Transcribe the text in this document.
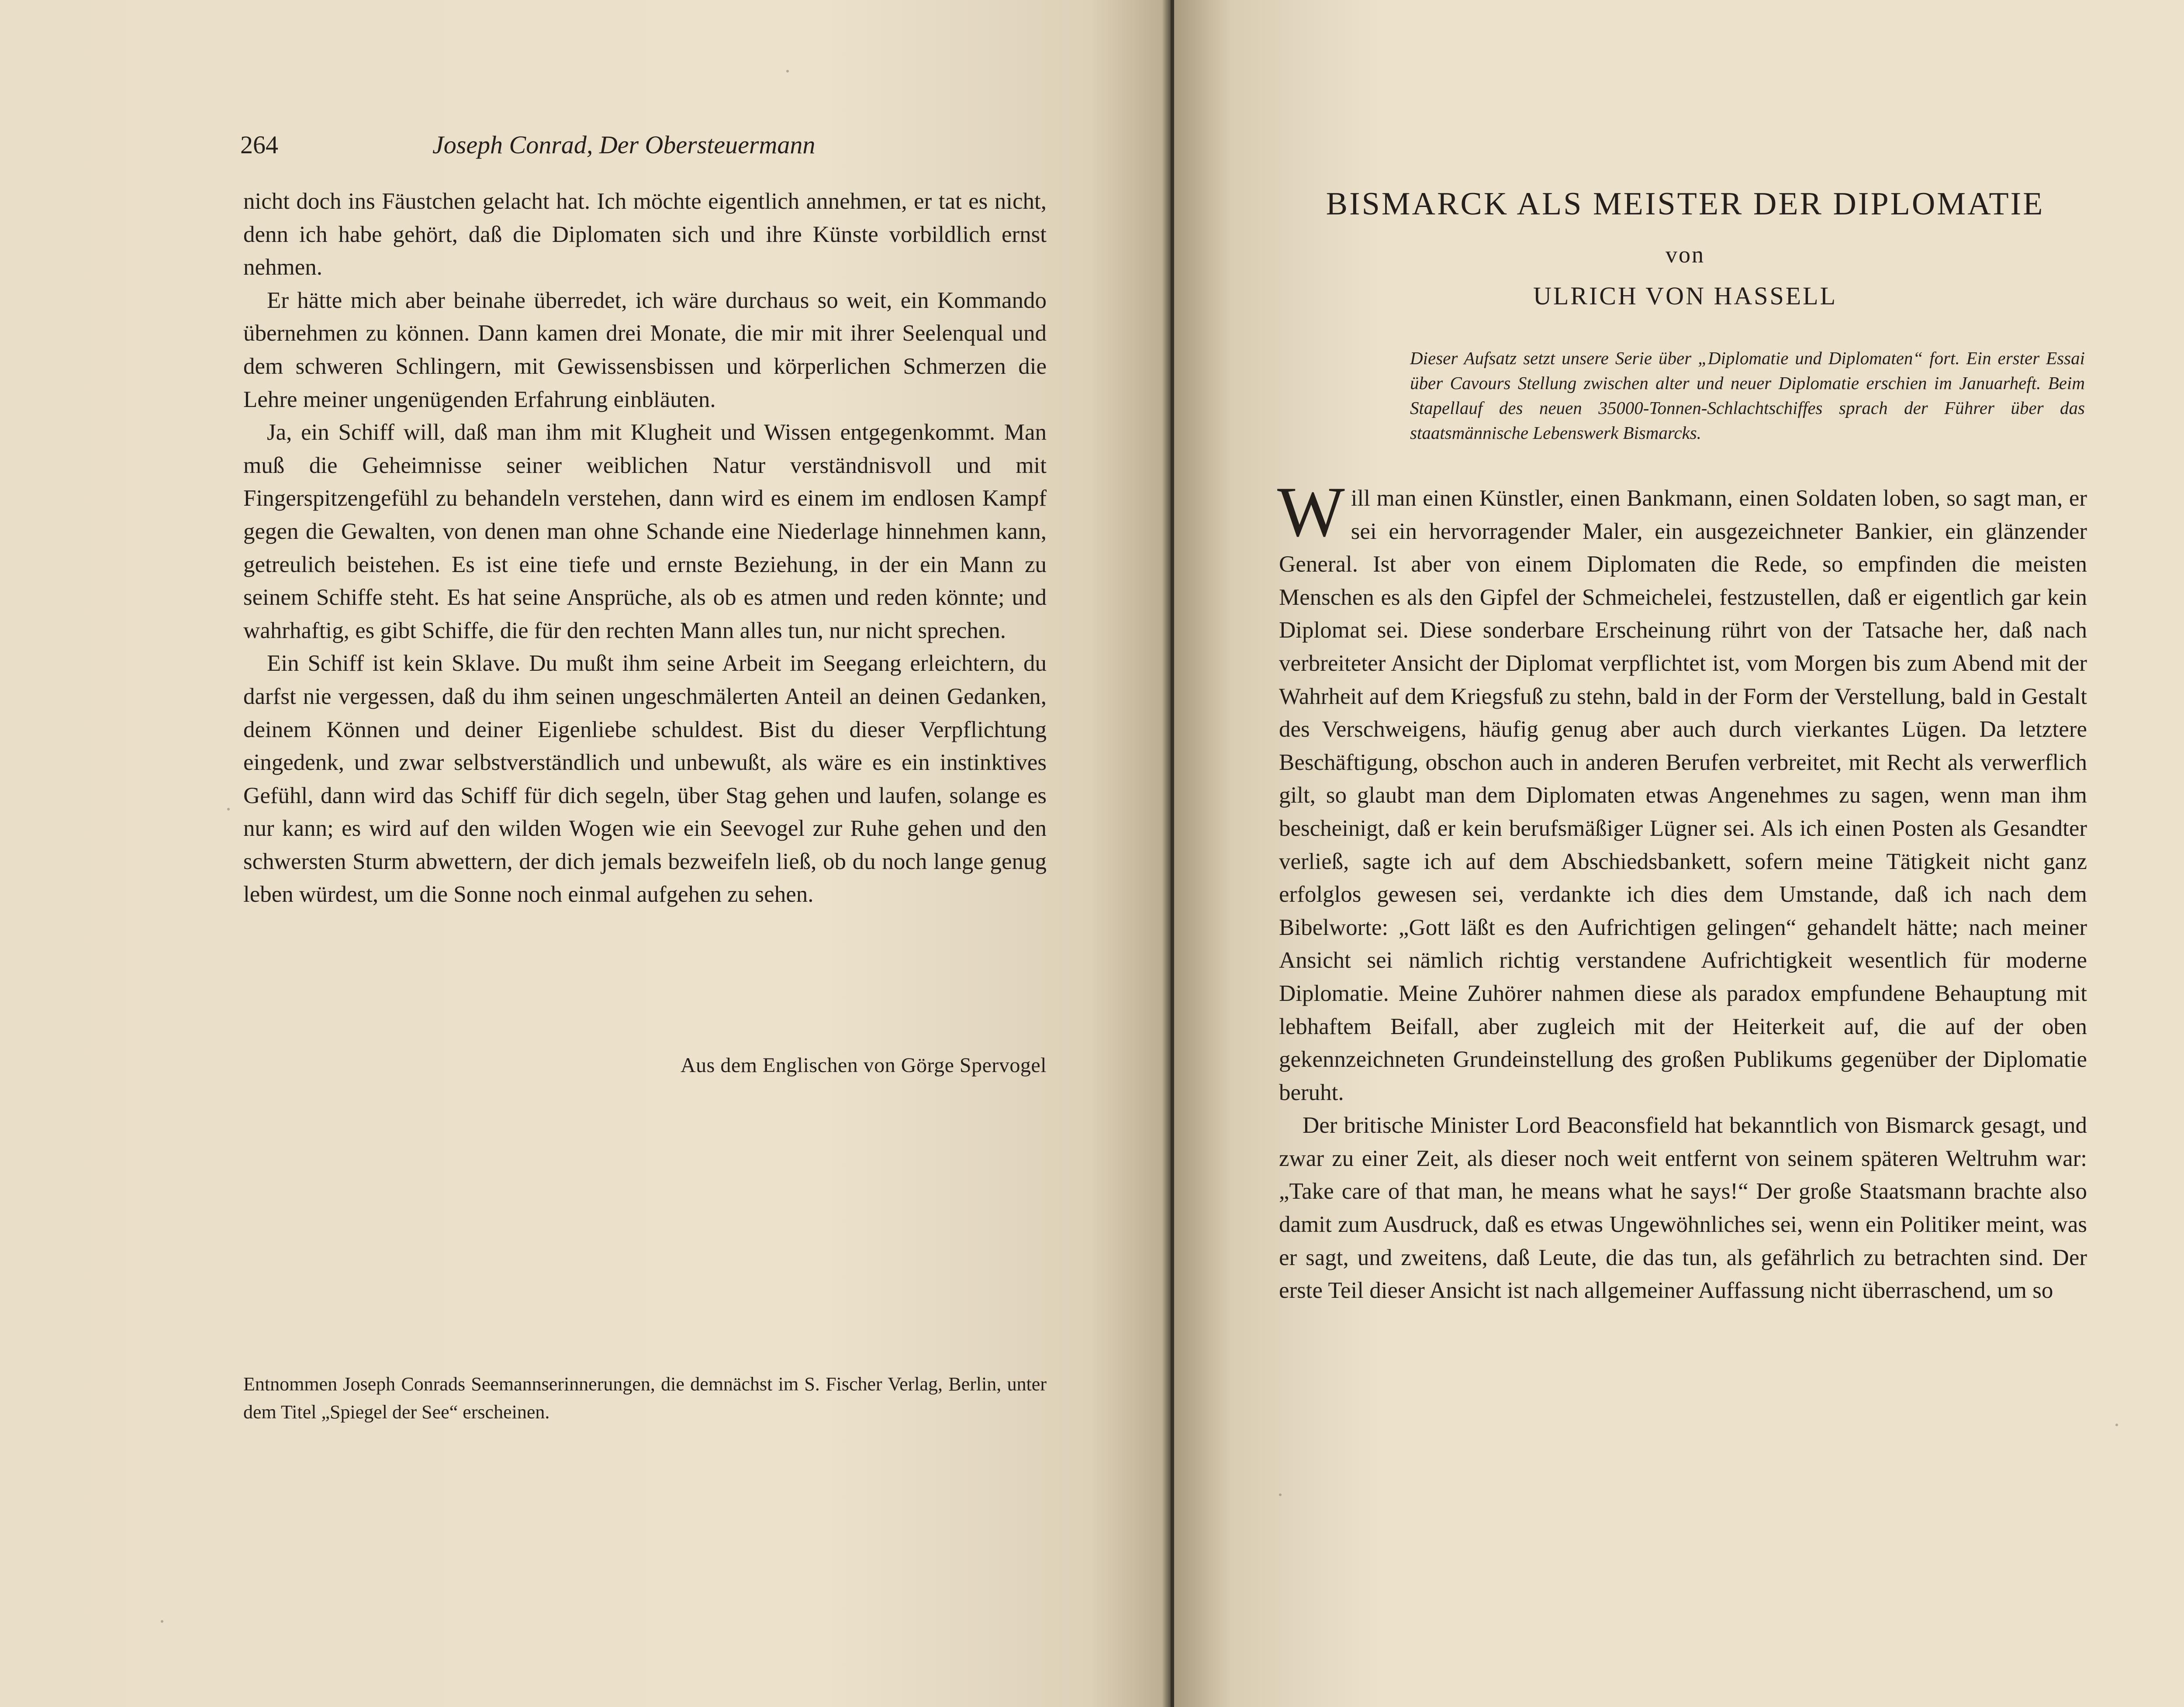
264	Joseph Conrad, Der Obersteuermann

nicht doch ins Fäustchen gelacht hat. Ich möchte eigentlich annehmen, er tat es nicht, denn ich habe gehört, daß die Diplomaten sich und ihre Künste vorbildlich ernst nehmen.

Er hätte mich aber beinahe überredet, ich wäre durchaus so weit, ein Kommando übernehmen zu können. Dann kamen drei Monate, die mir mit ihrer Seelenqual und dem schweren Schlingern, mit Gewissensbissen und körperlichen Schmerzen die Lehre meiner ungenügenden Erfahrung einbläuten.

Ja, ein Schiff will, daß man ihm mit Klugheit und Wissen entgegenkommt. Man muß die Geheimnisse seiner weiblichen Natur verständnisvoll und mit Fingerspitzengefühl zu behandeln verstehen, dann wird es einem im endlosen Kampf gegen die Gewalten, von denen man ohne Schande eine Niederlage hinnehmen kann, getreulich beistehen. Es ist eine tiefe und ernste Beziehung, in der ein Mann zu seinem Schiffe steht. Es hat seine Ansprüche, als ob es atmen und reden könnte; und wahrhaftig, es gibt Schiffe, die für den rechten Mann alles tun, nur nicht sprechen.

Ein Schiff ist kein Sklave. Du mußt ihm seine Arbeit im Seegang erleichtern, du darfst nie vergessen, daß du ihm seinen ungeschmälerten Anteil an deinen Gedanken, deinem Können und deiner Eigenliebe schuldest. Bist du dieser Verpflichtung eingedenk, und zwar selbstverständlich und unbewußt, als wäre es ein instinktives Gefühl, dann wird das Schiff für dich segeln, über Stag gehen und laufen, solange es nur kann; es wird auf den wilden Wogen wie ein Seevogel zur Ruhe gehen und den schwersten Sturm abwettern, der dich jemals bezweifeln ließ, ob du noch lange genug leben würdest, um die Sonne noch einmal aufgehen zu sehen.

Aus dem Englischen von Görge Spervogel
Entnommen Joseph Conrads Seemannserinnerungen, die demnächst im S. Fischer Verlag, Berlin, unter dem Titel „Spiegel der See“ erscheinen.
BISMARCK ALS MEISTER DER DIPLOMATIE
von
ULRICH VON HASSELL
Dieser Aufsatz setzt unsere Serie über „Diplomatie und Diplomaten“ fort. Ein erster Essai über Cavours Stellung zwischen alter und neuer Diplomatie erschien im Januarheft. Beim Stapellauf des neuen 35000-Tonnen-Schlachtschiffes sprach der Führer über das staatsmännische Lebenswerk Bismarcks.

Will man einen Künstler, einen Bankmann, einen Soldaten loben, so sagt man, er sei ein hervorragender Maler, ein ausgezeichneter Bankier, ein glänzender General. Ist aber von einem Diplomaten die Rede, so empfinden die meisten Menschen es als den Gipfel der Schmeichelei, festzustellen, daß er eigentlich gar kein Diplomat sei. Diese sonderbare Erscheinung rührt von der Tatsache her, daß nach verbreiteter Ansicht der Diplomat verpflichtet ist, vom Morgen bis zum Abend mit der Wahrheit auf dem Kriegsfuß zu stehn, bald in der Form der Verstellung, bald in Gestalt des Verschweigens, häufig genug aber auch durch vierkantes Lügen. Da letztere Beschäftigung, obschon auch in anderen Berufen verbreitet, mit Recht als verwerflich gilt, so glaubt man dem Diplomaten etwas Angenehmes zu sagen, wenn man ihm bescheinigt, daß er kein berufsmäßiger Lügner sei. Als ich einen Posten als Gesandter verließ, sagte ich auf dem Abschiedsbankett, sofern meine Tätigkeit nicht ganz erfolglos gewesen sei, verdankte ich dies dem Umstande, daß ich nach dem Bibelworte: „Gott läßt es den Aufrichtigen gelingen“ gehandelt hätte; nach meiner Ansicht sei nämlich richtig verstandene Aufrichtigkeit wesentlich für moderne Diplomatie. Meine Zuhörer nahmen diese als paradox empfundene Behauptung mit lebhaftem Beifall, aber zugleich mit der Heiterkeit auf, die auf der oben gekennzeichneten Grundeinstellung des großen Publikums gegenüber der Diplomatie beruht.

Der britische Minister Lord Beaconsfield hat bekanntlich von Bismarck gesagt, und zwar zu einer Zeit, als dieser noch weit entfernt von seinem späteren Weltruhm war: „Take care of that man, he means what he says!“ Der große Staatsmann brachte also damit zum Ausdruck, daß es etwas Ungewöhnliches sei, wenn ein Politiker meint, was er sagt, und zweitens, daß Leute, die das tun, als gefährlich zu betrachten sind. Der erste Teil dieser Ansicht ist nach allgemeiner Auffassung nicht überraschend, um so
